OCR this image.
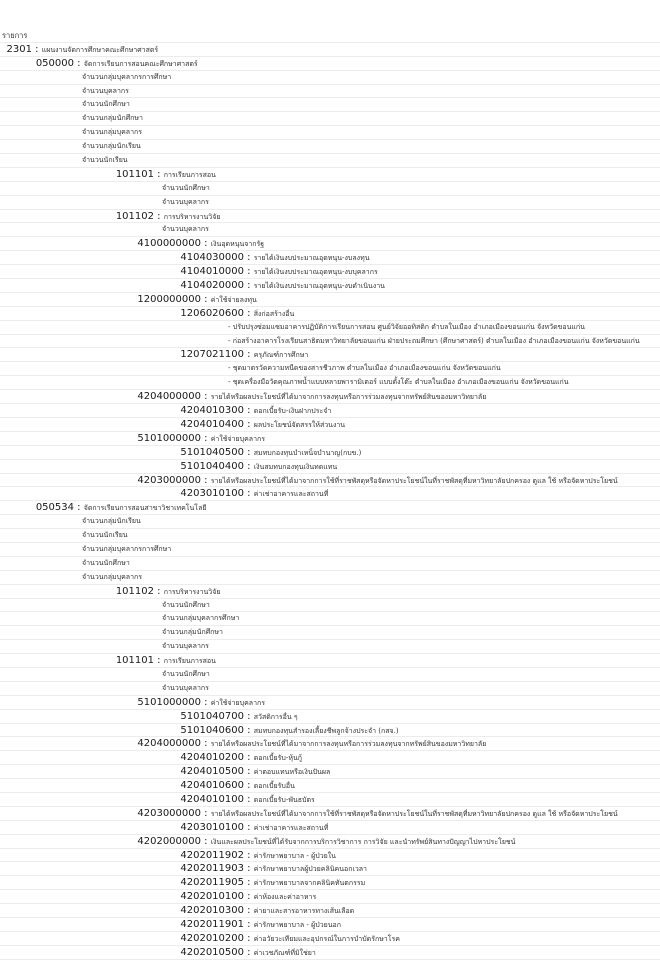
รายการ
2301 : แผนงานจัดการศึกษาคณะศึกษาศาสตร์
050000 : จัดการเรียนการสอนคณะศึกษาศาสตร์
จำนวนกลุ่มบุคลากรการศึกษา
จำนวนบุคลากร
จำนวนนักศึกษา
จำนวนกลุ่มนักศึกษา
จำนวนกลุ่มบุคลากร
จำนวนกลุ่มนักเรียน
จำนวนนักเรียน
101101 : การเรียนการสอน
จำนวนนักศึกษา
จำนวนบุคลากร
101102 : การบริหารงานวิจัย
จำนวนบุคลากร
4100000000 : เงินอุดหนุนจากรัฐ
4104030000 : รายได้เงินงบประมาณอุดหนุน-งบลงทุน
4104010000 : รายได้เงินงบประมาณอุดหนุน-งบบุคลากร
4104020000 : รายได้เงินงบประมาณอุดหนุน-งบดำเนินงาน
1200000000 : ค่าใช้จ่ายลงทุน
1206020600 : สิ่งก่อสร้างอื่น
- ปรับปรุงซ่อมแซมอาคารปฏิบัติการเรียนการสอน ศูนย์วิจัยออทิสติก ตำบลในเมือง อำเภอเมืองขอนแก่น จังหวัดขอนแก่น
- ก่อสร้างอาคารโรงเรียนสาธิตมหาวิทยาลัยขอนแก่น ฝ่ายประถมศึกษา (ศึกษาศาสตร์) ตำบลในเมือง อำเภอเมืองขอนแก่น จังหวัดขอนแก่น
1207021100 : ครุภัณฑ์การศึกษา
- ชุดมาตรวัดความหนืดของสารชีวภาพ ตำบลในเมือง อำเภอเมืองขอนแก่น จังหวัดขอนแก่น
- ชุดเครื่องมือวัดคุณภาพน้ำแบบหลายพารามิเตอร์ แบบตั้งโต๊ะ ตำบลในเมือง อำเภอเมืองขอนแก่น จังหวัดขอนแก่น
4204000000 : รายได้หรือผลประโยชน์ที่ได้มาจากการลงทุนหรือการร่วมลงทุนจากทรัพย์สินของมหาวิทยาลัย
4204010300 : ดอกเบี้ยรับ-เงินฝากประจำ
4204010400 : ผลประโยชน์จัดสรรให้ส่วนงาน
5101000000 : ค่าใช้จ่ายบุคลากร
5101040500 : สมทบกองทุนบำเหน็จบำนาญ(กบข.)
5101040400 : เงินสมทบกองทุนเงินทดแทน
4203000000 : รายได้หรือผลประโยชน์ที่ได้มาจากการใช้ที่ราชพัสดุหรือจัดหาประโยชน์ในที่ราชพัสดุที่มหาวิทยาลัยปกครอง ดูแล ใช้ หรือจัดหาประโยชน์
4203010100 : ค่าเช่าอาคารและสถานที่
050534 : จัดการเรียนการสอนสาขาวิชาเทคโนโลยี
จำนวนกลุ่มนักเรียน
จำนวนนักเรียน
จำนวนกลุ่มบุคลากรการศึกษา
จำนวนนักศึกษา
จำนวนกลุ่มบุคลากร
101102 : การบริหารงานวิจัย
จำนวนนักศึกษา
จำนวนกลุ่มบุคลากรศึกษา
จำนวนกลุ่มนักศึกษา
จำนวนบุคลากร
101101 : การเรียนการสอน
จำนวนนักศึกษา
จำนวนบุคลากร
5101000000 : ค่าใช้จ่ายบุคลากร
5101040700 : สวัสดิการอื่น ๆ
5101040600 : สมทบกองทุนสำรองเลี้ยงชีพลูกจ้างประจำ (กสจ.)
4204000000 : รายได้หรือผลประโยชน์ที่ได้มาจากการลงทุนหรือการร่วมลงทุนจากทรัพย์สินของมหาวิทยาลัย
4204010200 : ดอกเบี้ยรับ-หุ้นกู้
4204010500 : ค่าตอบแทนหรือเงินปันผล
4204010600 : ดอกเบี้ยรับอื่น
4204010100 : ดอกเบี้ยรับ-พันธบัตร
4203000000 : รายได้หรือผลประโยชน์ที่ได้มาจากการใช้ที่ราชพัสดุหรือจัดหาประโยชน์ในที่ราชพัสดุที่มหาวิทยาลัยปกครอง ดูแล ใช้ หรือจัดหาประโยชน์
4203010100 : ค่าเช่าอาคารและสถานที่
4202000000 : เงินและผลประโยชน์ที่ได้รับจากการบริการวิชาการ การวิจัย และนำทรัพย์สินทางปัญญาไปหาประโยชน์
4202011902 : ค่ารักษาพยาบาล - ผู้ป่วยใน
4202011903 : ค่ารักษาพยาบาลผู้ป่วยคลินิคนอกเวลา
4202011905 : ค่ารักษาพยาบาลจากคลินิคทันตกรรม
4202010100 : ค่าห้องและค่าอาหาร
4202010300 : ค่ายาและสารอาหารทางเส้นเลือด
4202011901 : ค่ารักษาพยาบาล - ผู้ป่วยนอก
4202010200 : ค่าอวัยวะเทียมและอุปกรณ์ในการบำบัดรักษาโรค
4202010500 : ค่าเวชภัณฑ์ที่มิใช่ยา
